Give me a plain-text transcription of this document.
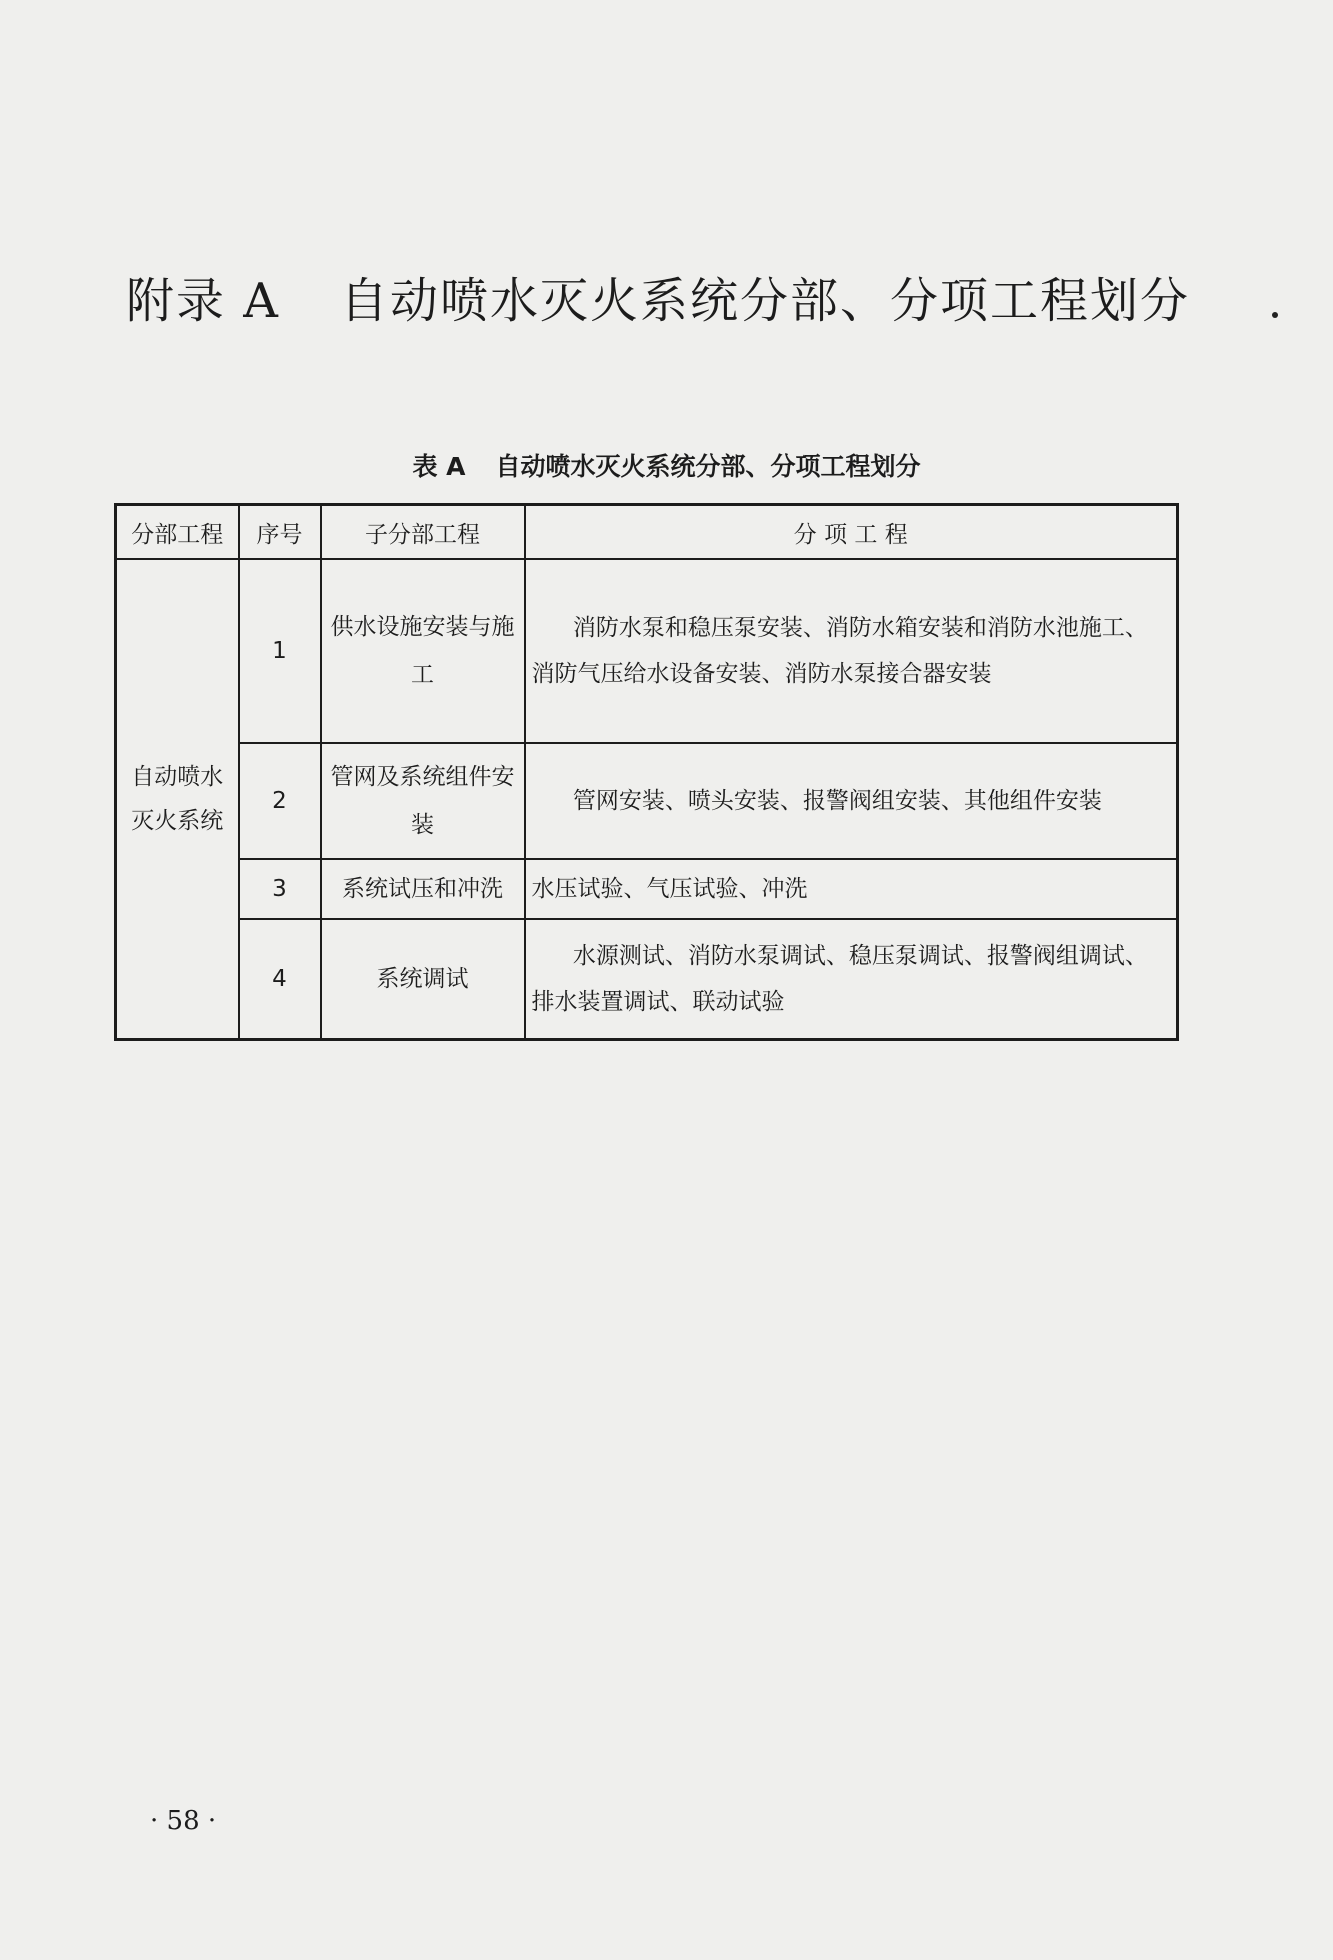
附录 A 自动喷水灭火系统分部、分项工程划分
表 A 自动喷水灭火系统分部、分项工程划分
分部工程	序号	子分部工程	分 项 工 程
自动喷水灭火系统	1	供水设施安装与施工	消防水泵和稳压泵安装、消防水箱安装和消防水池施工、消防气压给水设备安装、消防水泵接合器安装
	2	管网及系统组件安装	管网安装、喷头安装、报警阀组安装、其他组件安装
	3	系统试压和冲洗	水压试验、气压试验、冲洗
	4	系统调试	水源测试、消防水泵调试、稳压泵调试、报警阀组调试、排水装置调试、联动试验
· 58 ·
